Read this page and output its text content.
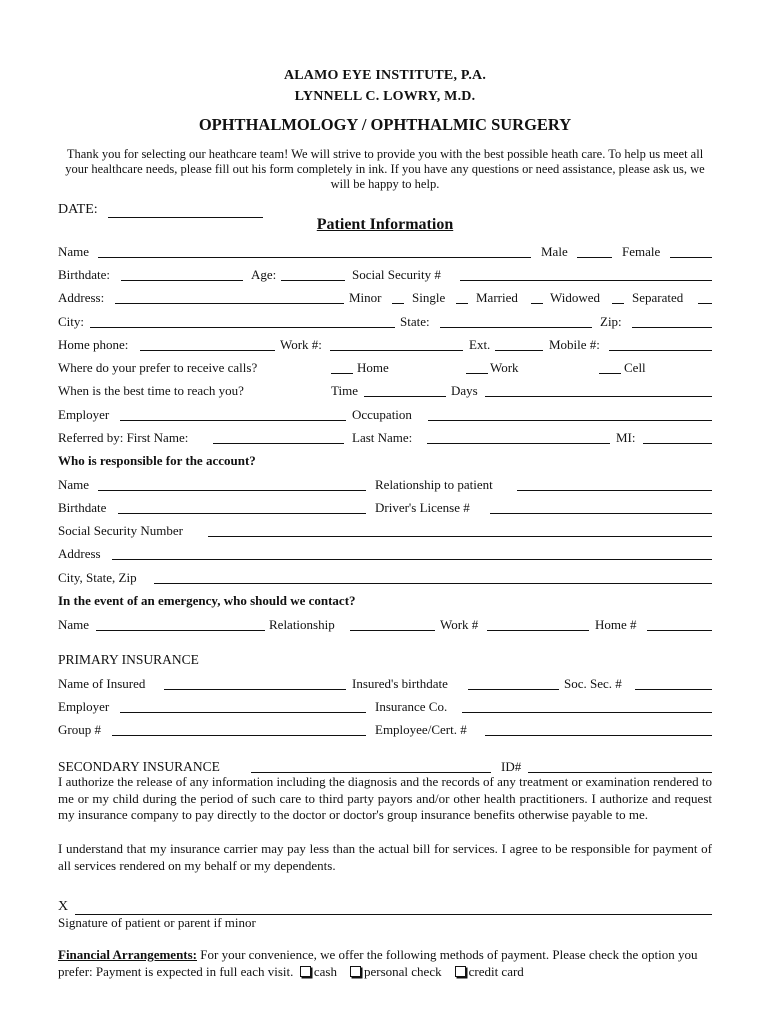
ALAMO EYE INSTITUTE, P.A.
LYNNELL C. LOWRY, M.D.
OPHTHALMOLOGY / OPHTHALMIC SURGERY
Thank you for selecting our heathcare team! We will strive to provide you with the best possible heath care. To help us meet all your healthcare needs, please fill out his form completely in ink. If you have any questions or need assistance, please ask us, we will be happy to help.
DATE:
Patient Information
Name	Male	Female
Birthdate:	Age:	Social Security #
Address:	Minor Single Married Widowed Separated
City:	State:	Zip:
Home phone:	Work #:	Ext.	Mobile #:
Where do your prefer to receive calls?	Home	Work	Cell
When is the best time to reach you?	Time	Days
Employer	Occupation
Referred by: First Name:	Last Name:	MI:
Who is responsible for the account?
Name	Relationship to patient
Birthdate	Driver's License #
Social Security Number
Address
City, State, Zip
In the event of an emergency, who should we contact?
Name	Relationship	Work #	Home #
PRIMARY INSURANCE
Name of Insured	Insured's birthdate	Soc. Sec. #
Employer	Insurance Co.
Group #	Employee/Cert. #
SECONDARY INSURANCE	ID#
I authorize the release of any information including the diagnosis and the records of any treatment or examination rendered to me or my child during the period of such care to third party payors and/or other health practitioners. I authorize and request my insurance company to pay directly to the doctor or doctor's group insurance benefits otherwise payable to me.
I understand that my insurance carrier may pay less than the actual bill for services. I agree to be responsible for payment of all services rendered on my behalf or my dependents.
X
Signature of patient or parent if minor
Financial Arrangements: For your convenience, we offer the following methods of payment. Please check the option you prefer: Payment is expected in full each visit. cash personal check credit card
